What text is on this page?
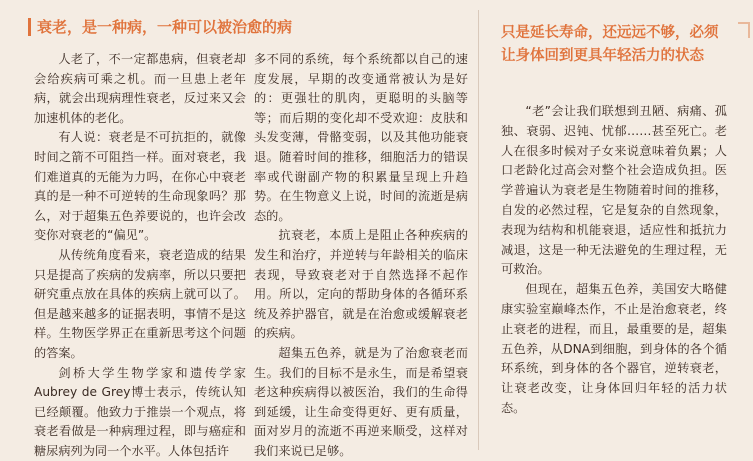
衰老，是一种病，一种可以被治愈的病

人老了，不一定都患病，但衰老却会给疾病可乘之机。而一旦患上老年病，就会出现病理性衰老，反过来又会加速机体的老化。

有人说：衰老是不可抗拒的，就像时间之箭不可阻挡一样。面对衰老，我们难道真的无能为力吗，在你心中衰老真的是一种不可逆转的生命现象吗？那么，对于超集五色养要说的，也许会改变你对衰老的“偏见”。

从传统角度看来，衰老造成的结果只是提高了疾病的发病率，所以只要把研究重点放在具体的疾病上就可以了。但是越来越多的证据表明，事情不是这样。生物医学界正在重新思考这个问题的答案。

剑桥大学生物学家和遗传学家Aubrey de Grey博士表示，传统认知已经颠覆。他致力于推崇一个观点，将衰老看做是一种病理过程，即与癌症和糖尿病列为同一个水平。人体包括许

多不同的系统，每个系统都以自己的速度发展，早期的改变通常被认为是好的：更强壮的肌肉，更聪明的头脑等等；而后期的变化却不受欢迎：皮肤和头发变薄，骨骼变弱，以及其他功能衰退。随着时间的推移，细胞活力的错误率或代谢副产物的积累量呈现上升趋势。在生物意义上说，时间的流逝是病态的。

抗衰老，本质上是阻止各种疾病的发生和治疗，并逆转与年龄相关的临床表现，导致衰老对于自然选择不起作用。所以，定向的帮助身体的各循环系统及养护器官，就是在治愈或缓解衰老的疾病。

超集五色养，就是为了治愈衰老而生。我们的目标不是永生，而是希望衰老这种疾病得以被医治，我们的生命得到延缓，让生命变得更好、更有质量，面对岁月的流逝不再逆来顺受，这样对我们来说已足够。

只是延长寿命，还远远不够，必须让身体回到更具年轻活力的状态

“老”会让我们联想到丑陋、病痛、孤独、衰弱、迟钝、忧郁……甚至死亡。老人在很多时候对子女来说意味着负累；人口老龄化过高会对整个社会造成负担。医学普遍认为衰老是生物随着时间的推移，自发的必然过程，它是复杂的自然现象，表现为结构和机能衰退，适应性和抵抗力减退，这是一种无法避免的生理过程，无可救治。

但现在，超集五色养，美国安大略健康实验室巅峰杰作，不止是治愈衰老，终止衰老的进程，而且，最重要的是，超集五色养，从DNA到细胞，到身体的各个循环系统，到身体的各个器官，逆转衰老，让衰老改变，让身体回归年轻的活力状态。
